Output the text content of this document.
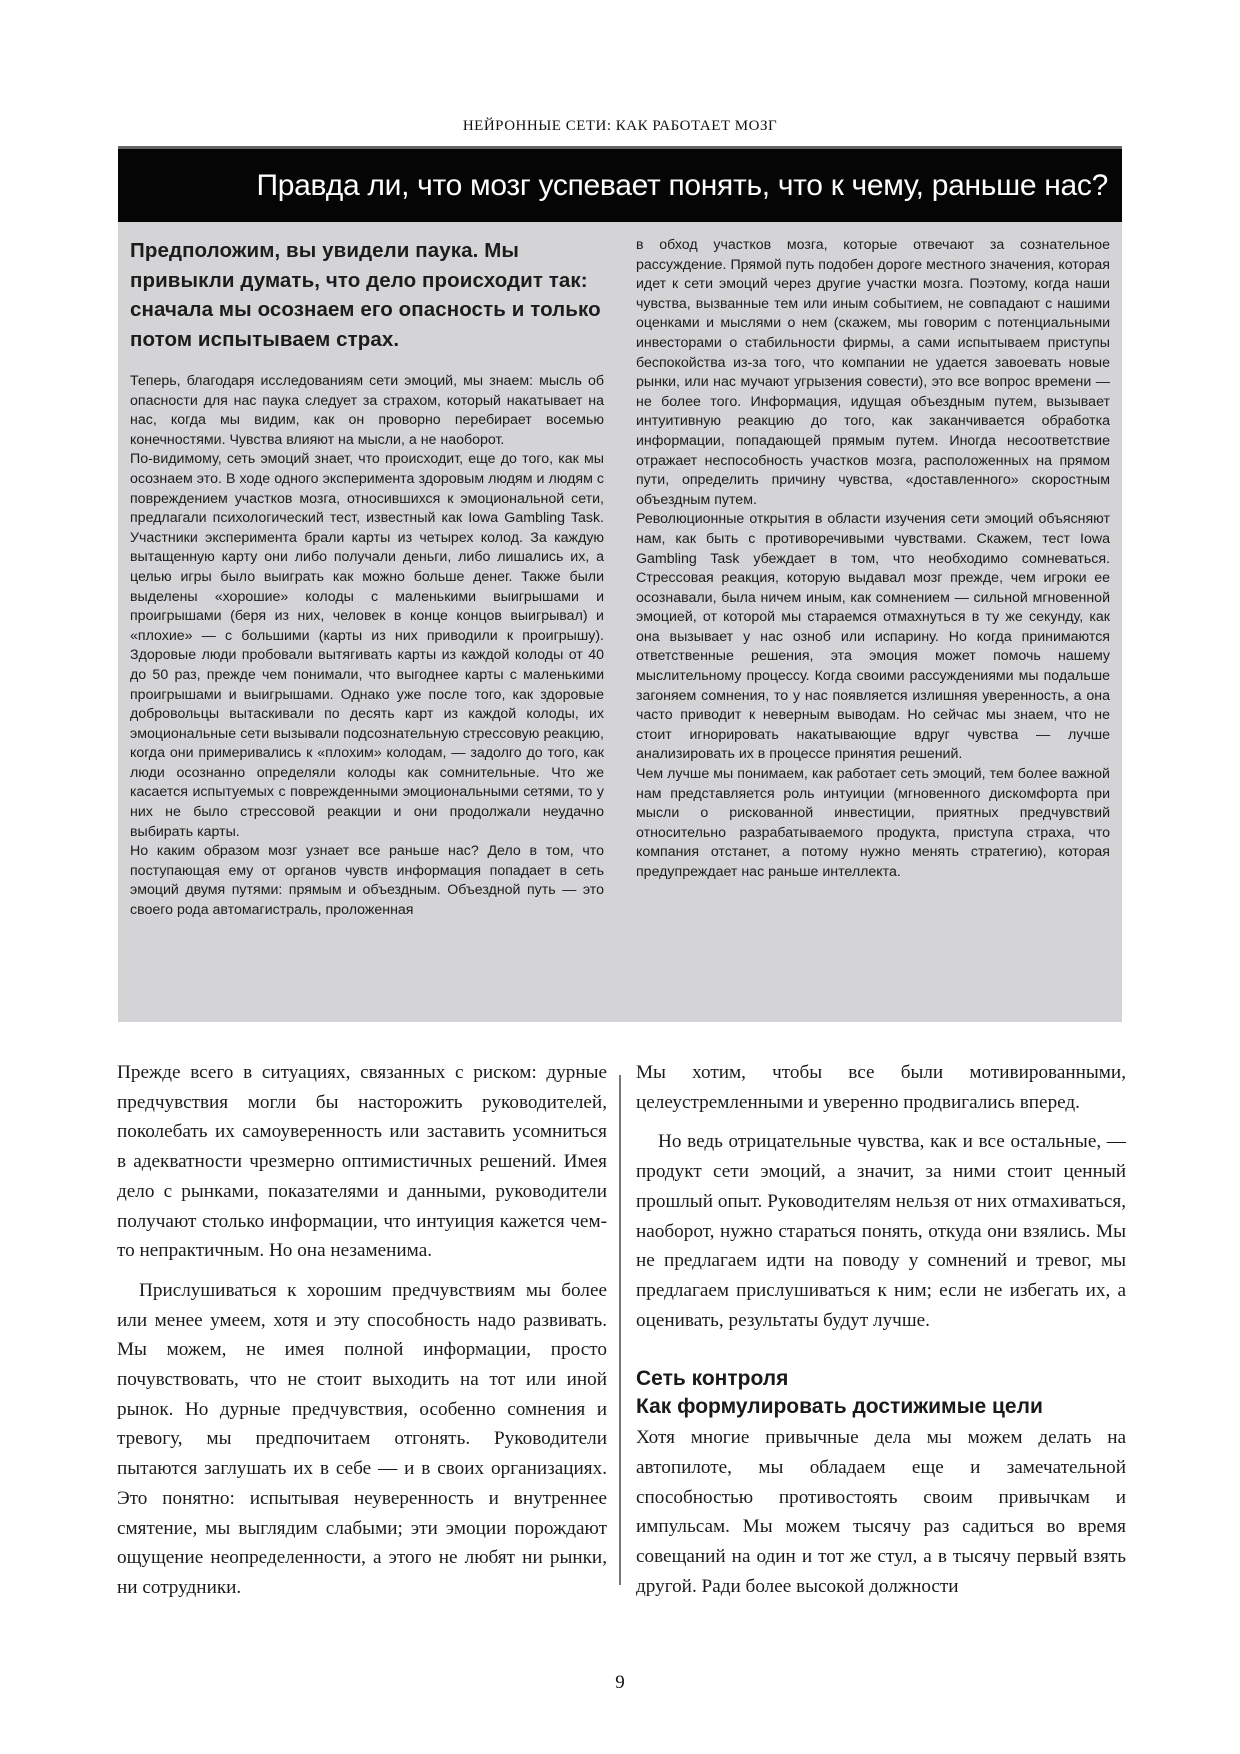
НЕЙРОННЫЕ СЕТИ: КАК РАБОТАЕТ МОЗГ
Правда ли, что мозг успевает понять, что к чему, раньше нас?

Предположим, вы увидели паука. Мы привыкли думать, что дело происходит так: сначала мы осознаем его опасность и только потом испытываем страх.

Теперь, благодаря исследованиям сети эмоций, мы знаем: мысль об опасности для нас паука следует за страхом, который накатывает на нас, когда мы видим, как он проворно перебирает восемью конечностями. Чувства влияют на мысли, а не наоборот.

По-видимому, сеть эмоций знает, что происходит, еще до того, как мы осознаем это. В ходе одного эксперимента здоровым людям и людям с повреждением участков мозга, относившихся к эмоциональной сети, предлагали психологический тест, известный как Iowa Gambling Task. Участники эксперимента брали карты из четырех колод. За каждую вытащенную карту они либо получали деньги, либо лишались их, а целью игры было выиграть как можно больше денег. Также были выделены «хорошие» колоды с маленькими выигрышами и проигрышами (беря из них, человек в конце концов выигрывал) и «плохие» — с большими (карты из них приводили к проигрышу). Здоровые люди пробовали вытягивать карты из каждой колоды от 40 до 50 раз, прежде чем понимали, что выгоднее карты с маленькими проигрышами и выигрышами. Однако уже после того, как здоровые добровольцы вытаскивали по десять карт из каждой колоды, их эмоциональные сети вызывали подсознательную стрессовую реакцию, когда они примеривались к «плохим» колодам, — задолго до того, как люди осознанно определяли колоды как сомнительные. Что же касается испытуемых с поврежденными эмоциональными сетями, то у них не было стрессовой реакции и они продолжали неудачно выбирать карты.

Но каким образом мозг узнает все раньше нас? Дело в том, что поступающая ему от органов чувств информация попадает в сеть эмоций двумя путями: прямым и объездным. Объездной путь — это своего рода автомагистраль, проложенная

в обход участков мозга, которые отвечают за сознательное рассуждение. Прямой путь подобен дороге местного значения, которая идет к сети эмоций через другие участки мозга. Поэтому, когда наши чувства, вызванные тем или иным событием, не совпадают с нашими оценками и мыслями о нем (скажем, мы говорим с потенциальными инвесторами о стабильности фирмы, а сами испытываем приступы беспокойства из-за того, что компании не удается завоевать новые рынки, или нас мучают угрызения совести), это все вопрос времени — не более того. Информация, идущая объездным путем, вызывает интуитивную реакцию до того, как заканчивается обработка информации, попадающей прямым путем. Иногда несоответствие отражает неспособность участков мозга, расположенных на прямом пути, определить причину чувства, «доставленного» скоростным объездным путем.

Революционные открытия в области изучения сети эмоций объясняют нам, как быть с противоречивыми чувствами. Скажем, тест Iowa Gambling Task убеждает в том, что необходимо сомневаться. Стрессовая реакция, которую выдавал мозг прежде, чем игроки ее осознавали, была ничем иным, как сомнением — сильной мгновенной эмоцией, от которой мы стараемся отмахнуться в ту же секунду, как она вызывает у нас озноб или испарину. Но когда принимаются ответственные решения, эта эмоция может помочь нашему мыслительному процессу. Когда своими рассуждениями мы подальше загоняем сомнения, то у нас появляется излишняя уверенность, а она часто приводит к неверным выводам. Но сейчас мы знаем, что не стоит игнорировать накатывающие вдруг чувства — лучше анализировать их в процессе принятия решений.

Чем лучше мы понимаем, как работает сеть эмоций, тем более важной нам представляется роль интуиции (мгновенного дискомфорта при мысли о рискованной инвестиции, приятных предчувствий относительно разрабатываемого продукта, приступа страха, что компания отстанет, а потому нужно менять стратегию), которая предупреждает нас раньше интеллекта.

Прежде всего в ситуациях, связанных с риском: дурные предчувствия могли бы насторожить руководителей, поколебать их самоуверенность или заставить усомниться в адекватности чрезмерно оптимистичных решений. Имея дело с рынками, показателями и данными, руководители получают столько информации, что интуиция кажется чем-то непрактичным. Но она незаменима.

Прислушиваться к хорошим предчувствиям мы более или менее умеем, хотя и эту способность надо развивать. Мы можем, не имея полной информации, просто почувствовать, что не стоит выходить на тот или иной рынок. Но дурные предчувствия, особенно сомнения и тревогу, мы предпочитаем отгонять. Руководители пытаются заглушать их в себе — и в своих организациях. Это понятно: испытывая неуверенность и внутреннее смятение, мы выглядим слабыми; эти эмоции порождают ощущение неопределенности, а этого не любят ни рынки, ни сотрудники.

Мы хотим, чтобы все были мотивированными, целеустремленными и уверенно продвигались вперед.

Но ведь отрицательные чувства, как и все остальные, — продукт сети эмоций, а значит, за ними стоит ценный прошлый опыт. Руководителям нельзя от них отмахиваться, наоборот, нужно стараться понять, откуда они взялись. Мы не предлагаем идти на поводу у сомнений и тревог, мы предлагаем прислушиваться к ним; если не избегать их, а оценивать, результаты будут лучше.

Сеть контроля
Как формулировать достижимые цели

Хотя многие привычные дела мы можем делать на автопилоте, мы обладаем еще и замечательной способностью противостоять своим привычкам и импульсам. Мы можем тысячу раз садиться во время совещаний на один и тот же стул, а в тысячу первый взять другой. Ради более высокой должности

9
